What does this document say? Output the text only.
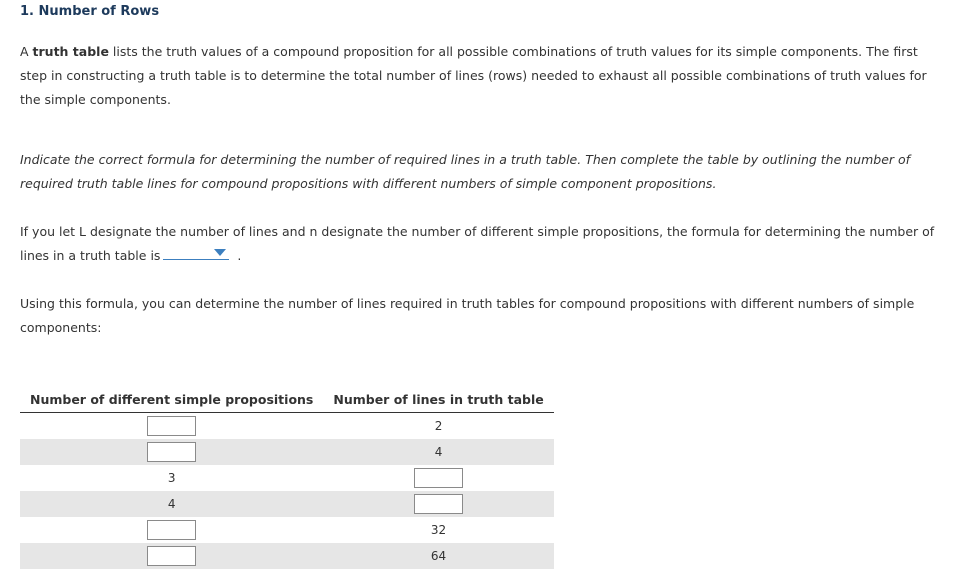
1. Number of Rows

A truth table lists the truth values of a compound proposition for all possible combinations of truth values for its simple components. The first step in constructing a truth table is to determine the total number of lines (rows) needed to exhaust all possible combinations of truth values for the simple components.

Indicate the correct formula for determining the number of required lines in a truth table. Then complete the table by outlining the number of required truth table lines for compound propositions with different numbers of simple component propositions.

If you let L designate the number of lines and n designate the number of different simple propositions, the formula for determining the number of lines in a truth table is	.

Using this formula, you can determine the number of lines required in truth tables for compound propositions with different numbers of simple components:

Number of different simple propositions	Number of lines in truth table
	2
	4
3	
4	
	32
	64
